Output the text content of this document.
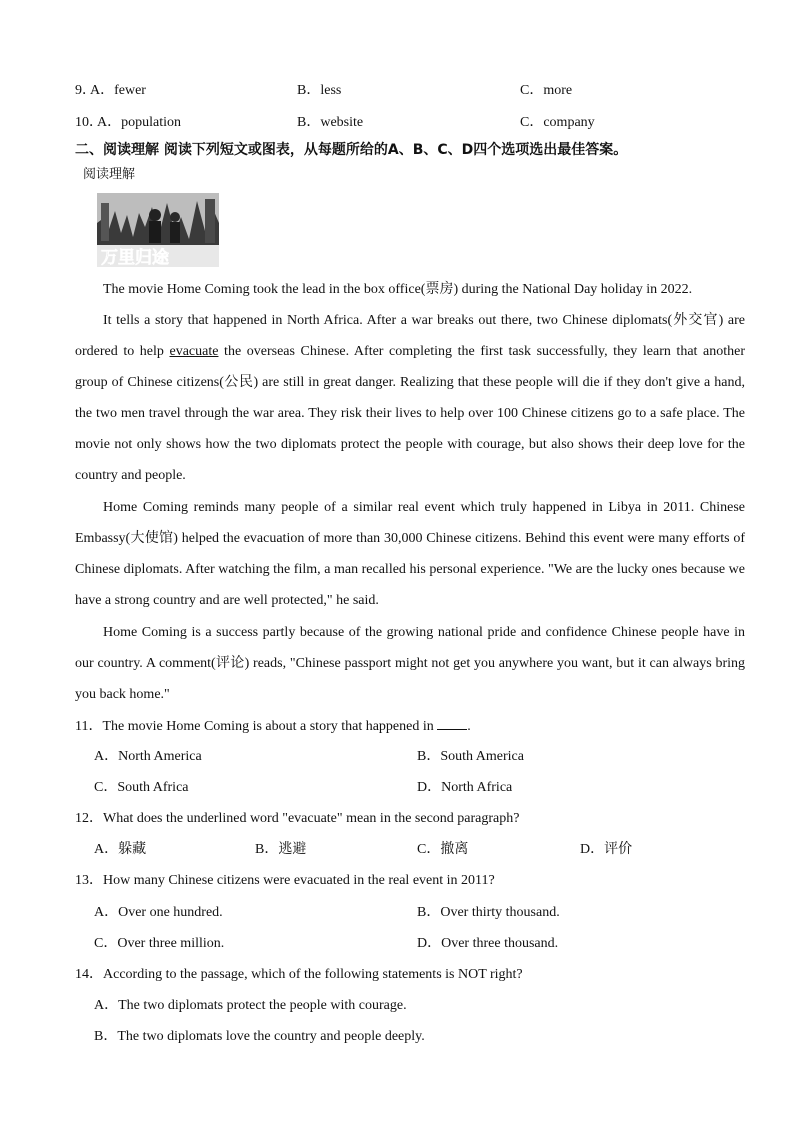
9．A．fewer	B．less	C．more
10．A．population	B．website	C．company
二、阅读理解 阅读下列短文或图表，从每题所给的A、B、C、D四个选项选出最佳答案。
阅读理解
万里归途
The movie Home Coming took the lead in the box office(票房) during the National Day holiday in 2022.
It tells a story that happened in North Africa. After a war breaks out there, two Chinese diplomats(外交官) are ordered to help evacuate the overseas Chinese. After completing the first task successfully, they learn that another group of Chinese citizens(公民) are still in great danger. Realizing that these people will die if they don't give a hand, the two men travel through the war area. They risk their lives to help over 100 Chinese citizens go to a safe place. The movie not only shows how the two diplomats protect the people with courage, but also shows their deep love for the country and people.
Home Coming reminds many people of a similar real event which truly happened in Libya in 2011. Chinese Embassy(大使馆) helped the evacuation of more than 30,000 Chinese citizens. Behind this event were many efforts of Chinese diplomats. After watching the film, a man recalled his personal experience. "We are the lucky ones because we have a strong country and are well protected," he said.
Home Coming is a success partly because of the growing national pride and confidence Chinese people have in our country. A comment(评论) reads, "Chinese passport might not get you anywhere you want, but it can always bring you back home."
11．The movie Home Coming is about a story that happened in .
A．North America	B．South America
C．South Africa	D．North Africa
12．What does the underlined word "evacuate" mean in the second paragraph?
A．躲藏	B．逃避	C．撤离	D．评价
13．How many Chinese citizens were evacuated in the real event in 2011?
A．Over one hundred.	B．Over thirty thousand.
C．Over three million.	D．Over three thousand.
14．According to the passage, which of the following statements is NOT right?
A．The two diplomats protect the people with courage.
B．The two diplomats love the country and people deeply.
